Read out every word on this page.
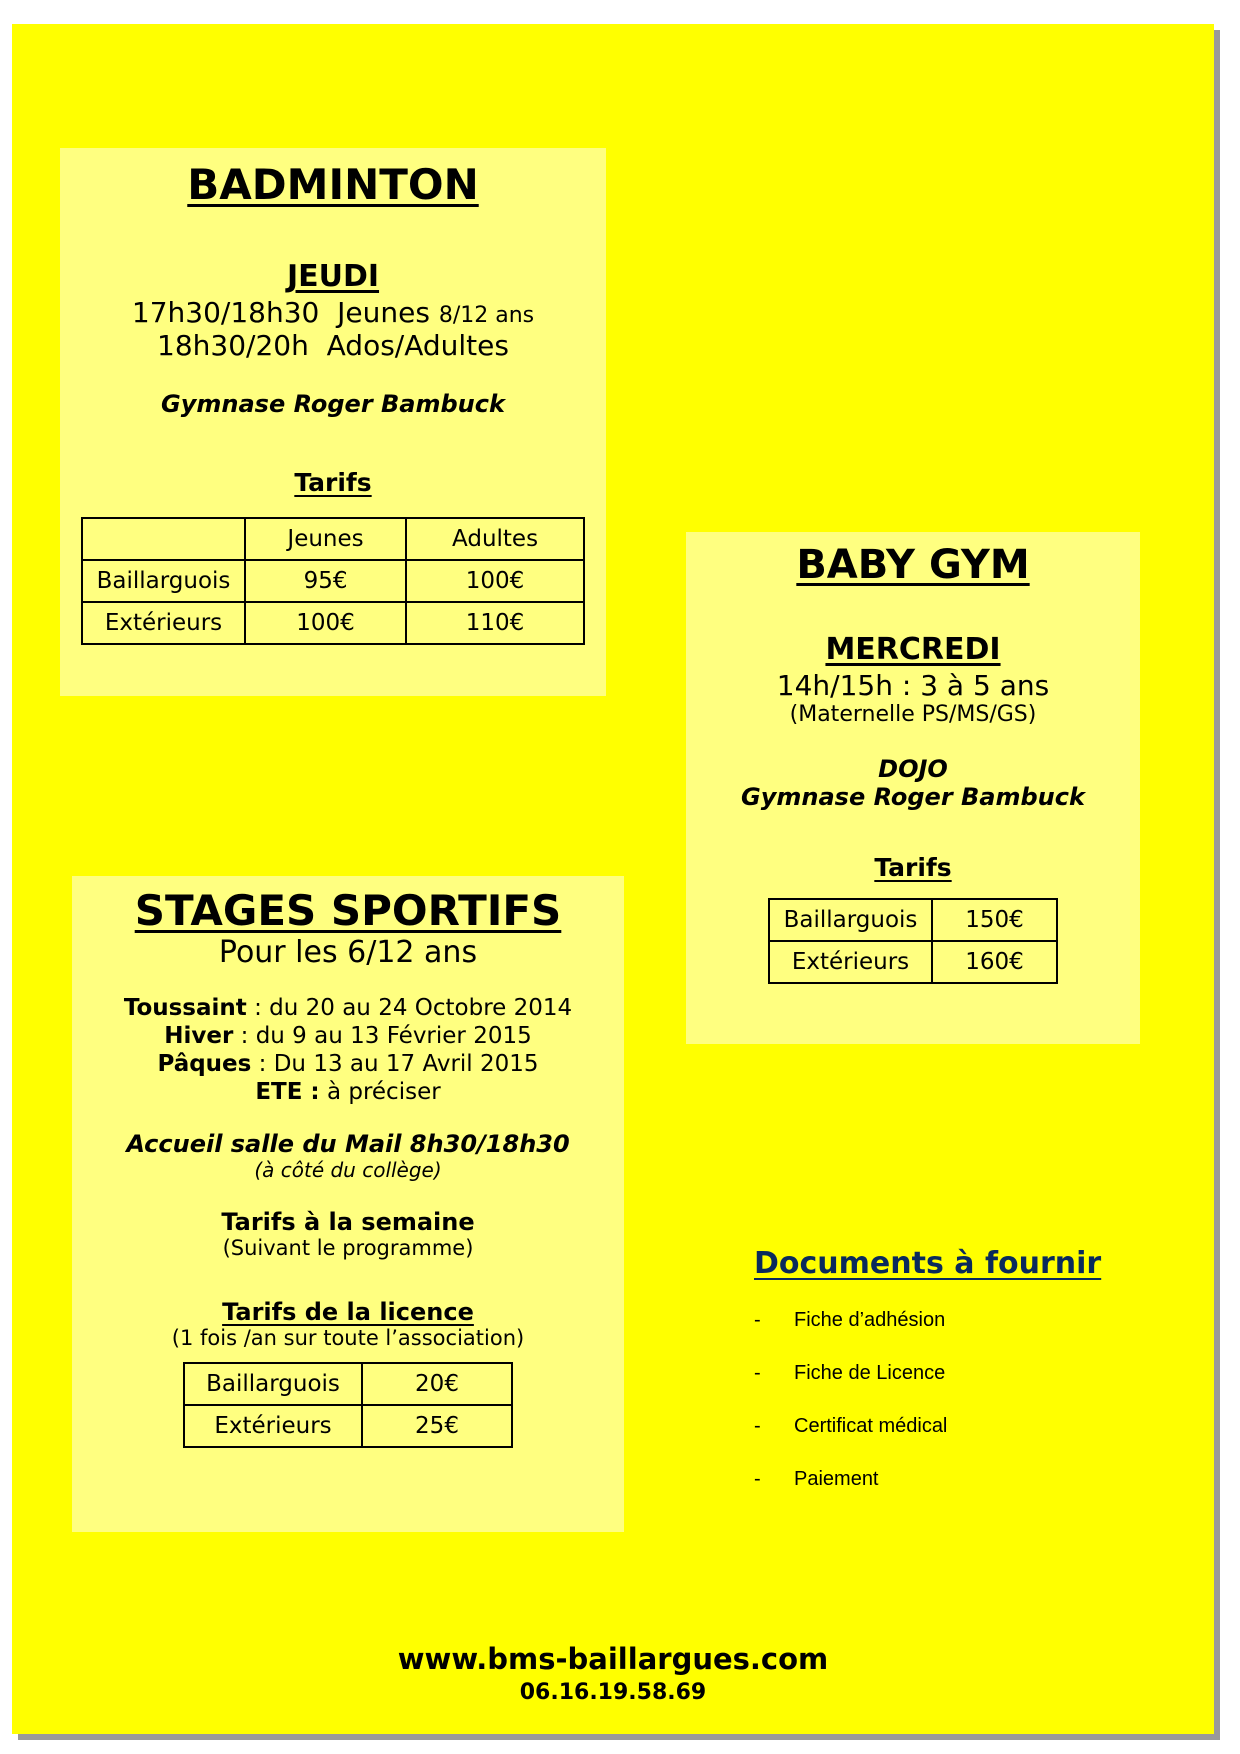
BADMINTON
JEUDI
17h30/18h30  Jeunes 8/12 ans
18h30/20h  Ados/Adultes
Gymnase Roger Bambuck
Tarifs
	Jeunes	Adultes
Baillarguois	95€	100€
Extérieurs	100€	110€
BABY GYM
MERCREDI
14h/15h : 3 à 5 ans
(Maternelle PS/MS/GS)
DOJO
Gymnase Roger Bambuck
Tarifs
Baillarguois	150€
Extérieurs	160€
STAGES SPORTIFS
Pour les 6/12 ans
Toussaint : du 20 au 24 Octobre 2014
Hiver : du 9 au 13 Février 2015
Pâques : Du 13 au 17 Avril 2015
ETE : à préciser
Accueil salle du Mail 8h30/18h30
(à côté du collège)
Tarifs à la semaine
(Suivant le programme)
Tarifs de la licence
(1 fois /an sur toute l’association)
Baillarguois	20€
Extérieurs	25€
Documents à fournir
- Fiche d’adhésion
- Fiche de Licence
- Certificat médical
- Paiement
www.bms-baillargues.com
06.16.19.58.69
